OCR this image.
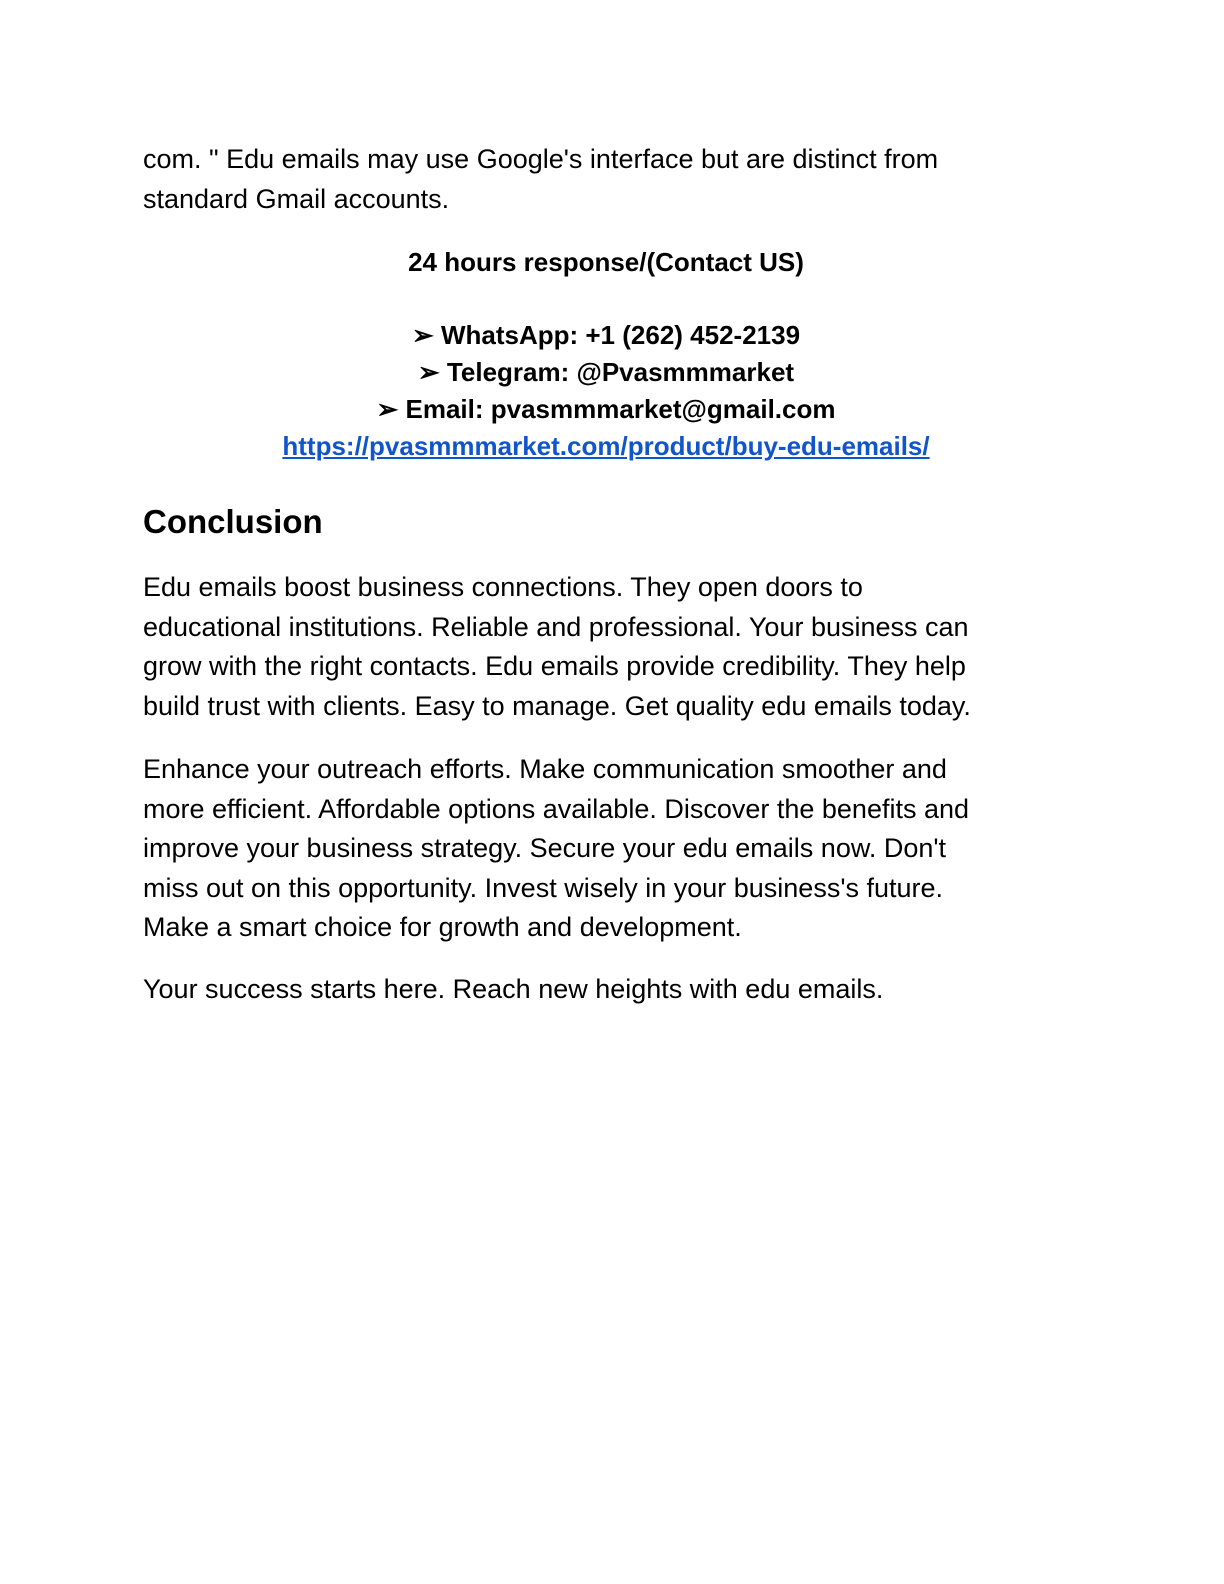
com. " Edu emails may use Google's interface but are distinct from
standard Gmail accounts.

24 hours response/(Contact US)
➢ WhatsApp: +1 (262) 452-2139
➢ Telegram: @Pvasmmmarket
➢ Email: pvasmmmarket@gmail.com
https://pvasmmmarket.com/product/buy-edu-emails/
Conclusion

Edu emails boost business connections. They open doors to
educational institutions. Reliable and professional. Your business can
grow with the right contacts. Edu emails provide credibility. They help
build trust with clients. Easy to manage. Get quality edu emails today.

Enhance your outreach efforts. Make communication smoother and
more efficient. Affordable options available. Discover the benefits and
improve your business strategy. Secure your edu emails now. Don't
miss out on this opportunity. Invest wisely in your business's future.
Make a smart choice for growth and development.

Your success starts here. Reach new heights with edu emails.
